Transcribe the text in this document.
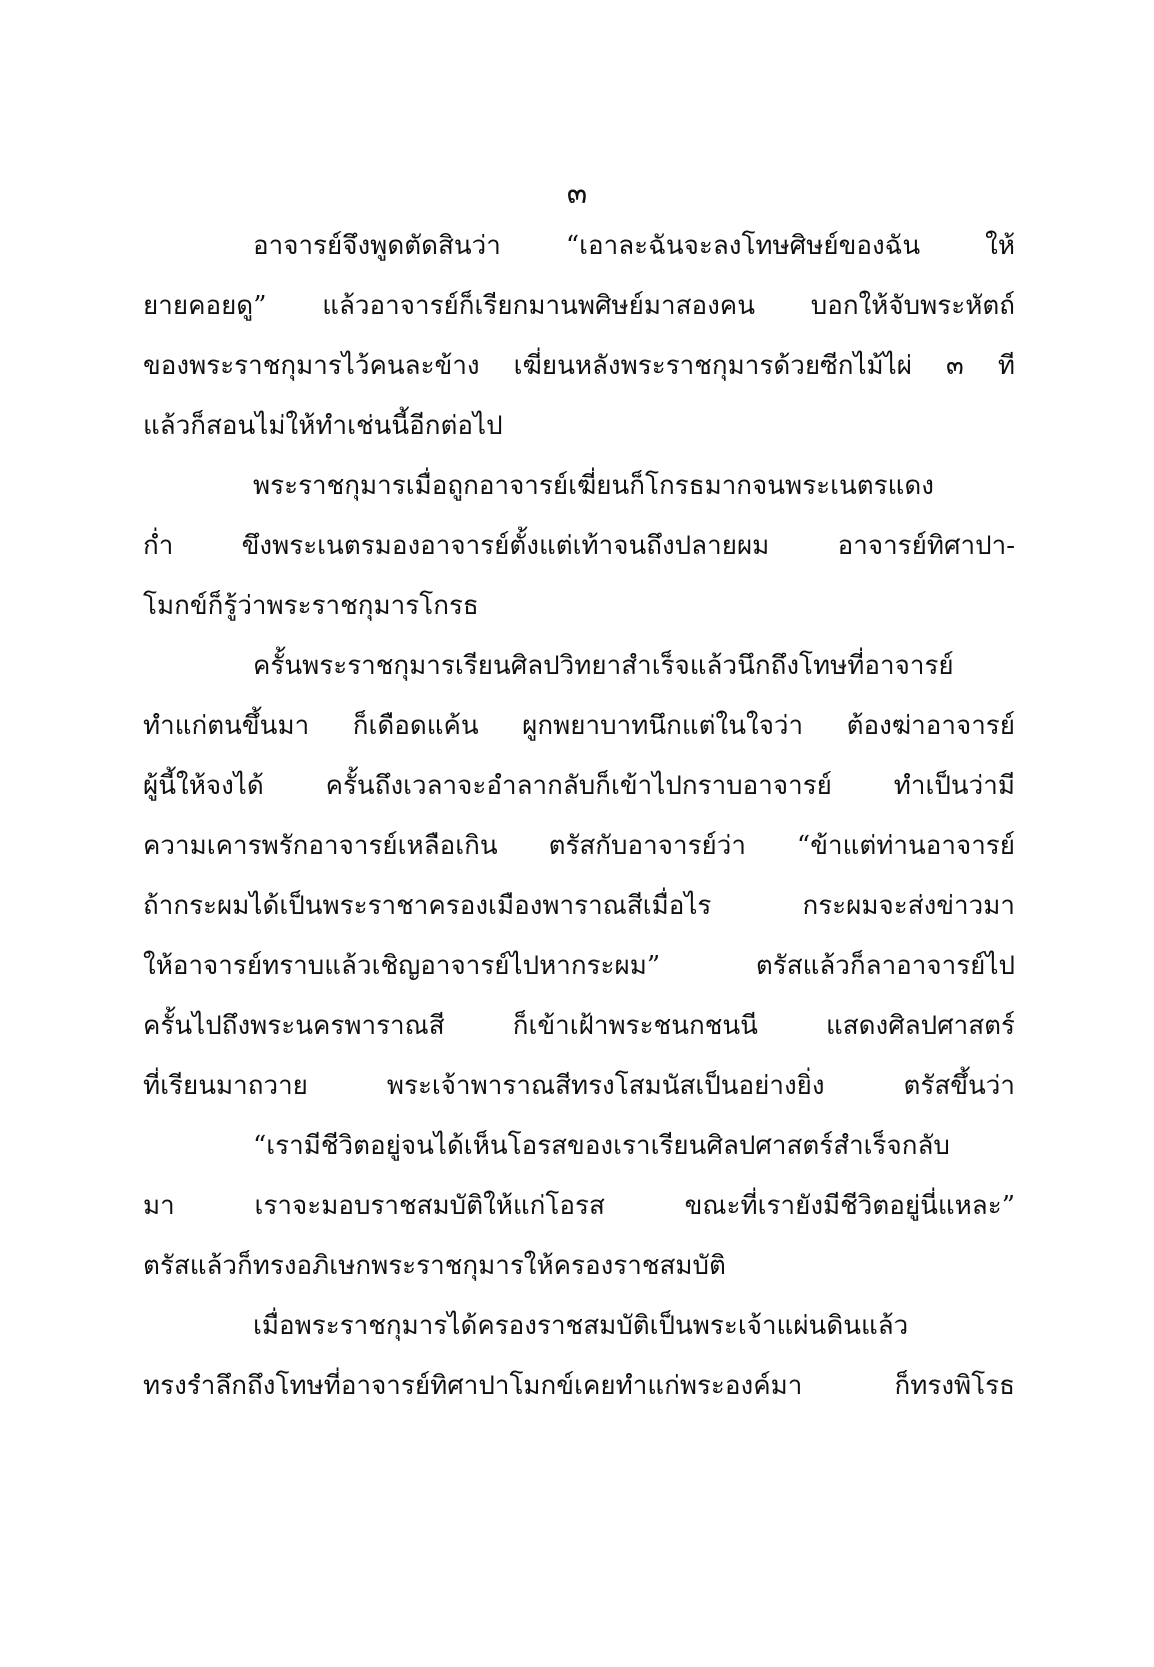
๓
อาจารย์จึงพูดตัดสินว่า “เอาละฉันจะลงโทษศิษย์ของฉัน ให้
ยายคอยดู” แล้วอาจารย์ก็เรียกมานพศิษย์มาสองคน บอกให้จับพระหัตถ์
ของพระราชกุมารไว้คนละข้าง เฆี่ยนหลังพระราชกุมารด้วยซีกไม้ไผ่ ๓ ที
แล้วก็สอนไม่ให้ทำเช่นนี้อีกต่อไป
พระราชกุมารเมื่อถูกอาจารย์เฆี่ยนก็โกรธมากจนพระเนตรแดง
ก่ำ ขึงพระเนตรมองอาจารย์ตั้งแต่เท้าจนถึงปลายผม อาจารย์ทิศาปา-
โมกข์ก็รู้ว่าพระราชกุมารโกรธ
ครั้นพระราชกุมารเรียนศิลปวิทยาสำเร็จแล้วนึกถึงโทษที่อาจารย์
ทำแก่ตนขึ้นมา ก็เดือดแค้น ผูกพยาบาทนึกแต่ในใจว่า ต้องฆ่าอาจารย์
ผู้นี้ให้จงได้ ครั้นถึงเวลาจะอำลากลับก็เข้าไปกราบอาจารย์ ทำเป็นว่ามี
ความเคารพรักอาจารย์เหลือเกิน ตรัสกับอาจารย์ว่า “ข้าแต่ท่านอาจารย์
ถ้ากระผมได้เป็นพระราชาครองเมืองพาราณสีเมื่อไร กระผมจะส่งข่าวมา
ให้อาจารย์ทราบแล้วเชิญอาจารย์ไปหากระผม” ตรัสแล้วก็ลาอาจารย์ไป
ครั้นไปถึงพระนครพาราณสี ก็เข้าเฝ้าพระชนกชนนี แสดงศิลปศาสตร์
ที่เรียนมาถวาย พระเจ้าพาราณสีทรงโสมนัสเป็นอย่างยิ่ง ตรัสขึ้นว่า
“เรามีชีวิตอยู่จนได้เห็นโอรสของเราเรียนศิลปศาสตร์สำเร็จกลับ
มา เราจะมอบราชสมบัติให้แก่โอรส ขณะที่เรายังมีชีวิตอยู่นี่แหละ”
ตรัสแล้วก็ทรงอภิเษกพระราชกุมารให้ครองราชสมบัติ
เมื่อพระราชกุมารได้ครองราชสมบัติเป็นพระเจ้าแผ่นดินแล้ว
ทรงรำลึกถึงโทษที่อาจารย์ทิศาปาโมกข์เคยทำแก่พระองค์มา ก็ทรงพิโรธ
